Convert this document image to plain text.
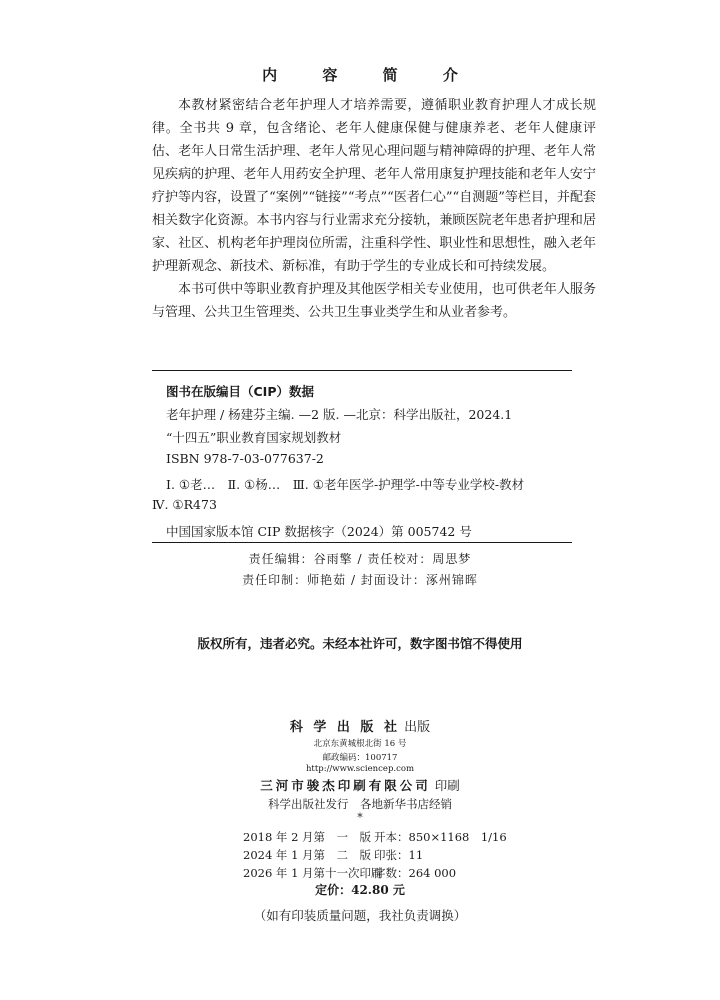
内 容 简 介

本教材紧密结合老年护理人才培养需要，遵循职业教育护理人才成长规律。全书共 9 章，包含绪论、老年人健康保健与健康养老、老年人健康评估、老年人日常生活护理、老年人常见心理问题与精神障碍的护理、老年人常见疾病的护理、老年人用药安全护理、老年人常用康复护理技能和老年人安宁疗护等内容，设置了“案例”“链接”“考点”“医者仁心”“自测题”等栏目，并配套相关数字化资源。本书内容与行业需求充分接轨，兼顾医院老年患者护理和居家、社区、机构老年护理岗位所需，注重科学性、职业性和思想性，融入老年护理新观念、新技术、新标准，有助于学生的专业成长和可持续发展。

本书可供中等职业教育护理及其他医学相关专业使用，也可供老年人服务与管理、公共卫生管理类、公共卫生事业类学生和从业者参考。

图书在版编目（CIP）数据
老年护理 / 杨建芬主编. —2 版. —北京：科学出版社，2024.1
“十四五”职业教育国家规划教材
ISBN 978-7-03-077637-2
Ⅰ. ①老…　Ⅱ. ①杨…　Ⅲ. ①老年医学-护理学-中等专业学校-教材
Ⅳ. ①R473
中国国家版本馆 CIP 数据核字（2024）第 005742 号
责任编辑：谷雨擎 / 责任校对：周思梦
责任印制：师艳茹 / 封面设计：涿州锦晖
版权所有，违者必究。未经本社许可，数字图书馆不得使用
科 学 出 版 社 出版
北京东黄城根北街 16 号
邮政编码：100717
http://www.sciencep.com
三河市骏杰印刷有限公司 印刷
科学出版社发行　各地新华书店经销
*
2018 年 2 月第　一　版 开本：850×1168　1/16
2024 年 1 月第　二　版 印张：11
2026 年 1 月第十一次印刷字数：264 000
定价：42.80 元
（如有印装质量问题，我社负责调换）
